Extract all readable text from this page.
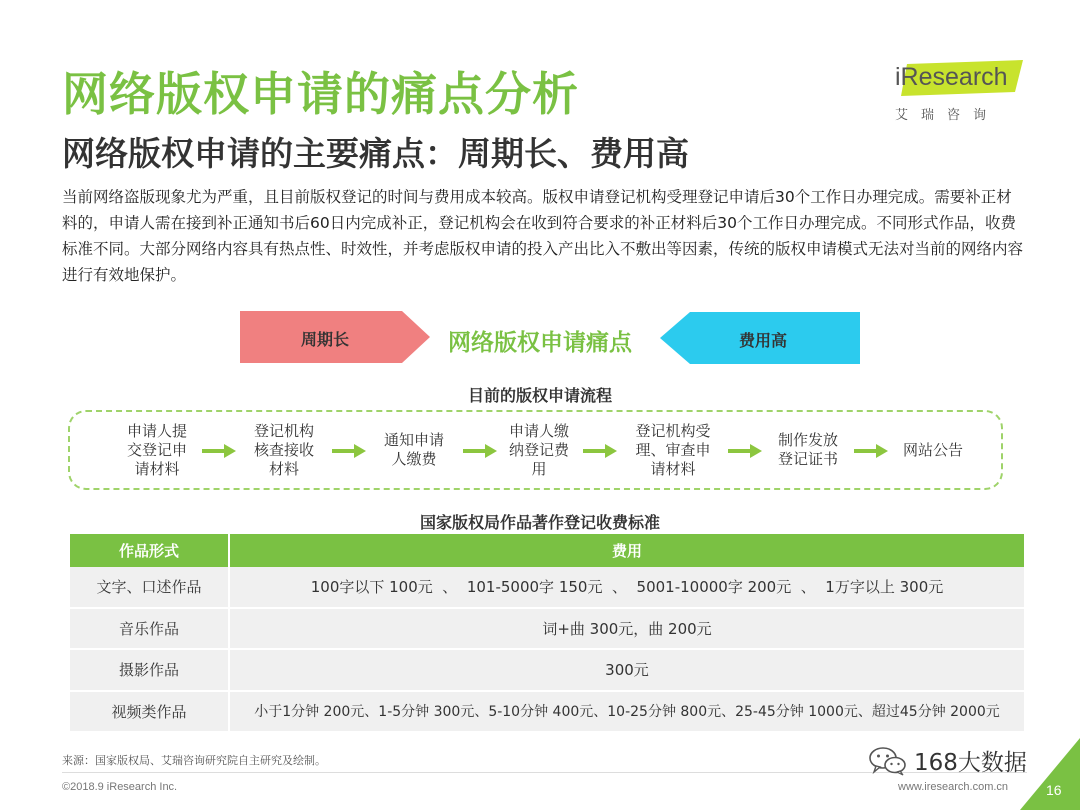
网络版权申请的痛点分析
网络版权申请的主要痛点：周期长、费用高
iResearch
艾瑞咨询
当前网络盗版现象尤为严重，且目前版权登记的时间与费用成本较高。版权申请登记机构受理登记申请后30个工作日办理完成。需要补正材料的，申请人需在接到补正通知书后60日内完成补正，登记机构会在收到符合要求的补正材料后30个工作日办理完成。不同形式作品，收费标准不同。大部分网络内容具有热点性、时效性，并考虑版权申请的投入产出比入不敷出等因素，传统的版权申请模式无法对当前的网络内容进行有效地保护。
周期长	网络版权申请痛点	费用高
目前的版权申请流程
申请人提
交登记申
请材料
登记机构
核查接收
材料
通知申请
人缴费
申请人缴
纳登记费
用
登记机构受
理、审查申
请材料
制作发放
登记证书
网站公告
国家版权局作品著作登记收费标准
作品形式	费用
文字、口述作品	100字以下 100元  、  101-5000字 150元  、  5001-10000字 200元  、  1万字以上 300元
音乐作品	词+曲 300元，曲 200元
摄影作品	300元
视频类作品	小于1分钟 200元、1-5分钟 300元、5-10分钟 400元、10-25分钟 800元、25-45分钟 1000元、超过45分钟 2000元
来源：国家版权局、艾瑞咨询研究院自主研究及绘制。
©2018.9 iResearch Inc.	www.iresearch.com.cn	16
168大数据
